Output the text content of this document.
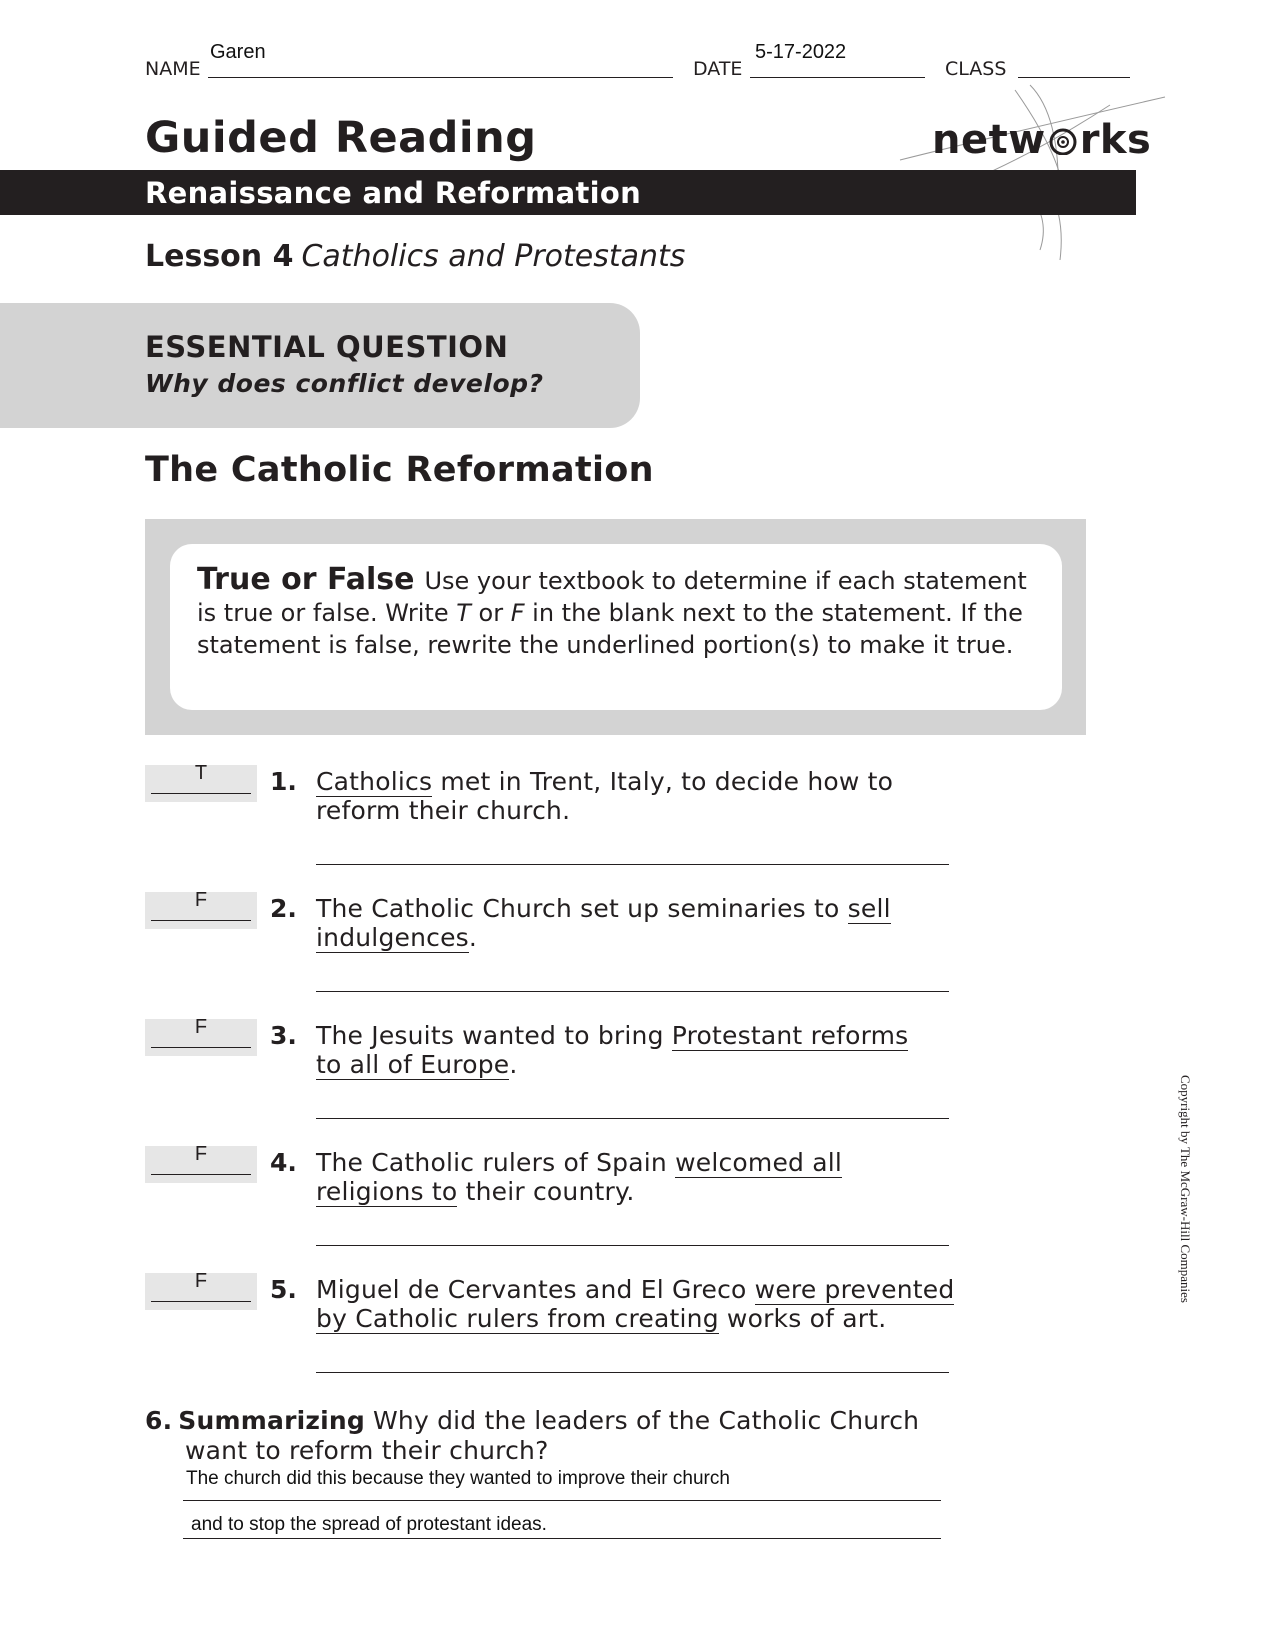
NAME
Garen
DATE
5-17-2022
CLASS
Guided Reading	netw rks
Renaissance and Reformation
Lesson 4 Catholics and Protestants
ESSENTIAL QUESTION
Why does conflict develop?
The Catholic Reformation
True or False Use your textbook to determine if each statement is true or false. Write T or F in the blank next to the statement. If the statement is false, rewrite the underlined portion(s) to make it true.
T	1. Catholics met in Trent, Italy, to decide how to reform their church.
F	2. The Catholic Church set up seminaries to sell indulgences.
F	3. The Jesuits wanted to bring Protestant reforms to all of Europe.
F	4. The Catholic rulers of Spain welcomed all religions to their country.
F	5. Miguel de Cervantes and El Greco were prevented by Catholic rulers from creating works of art.
6. Summarizing Why did the leaders of the Catholic Church
want to reform their church?
The church did this because they wanted to improve their church
and to stop the spread of protestant ideas.
Copyright by The McGraw-Hill Companies
